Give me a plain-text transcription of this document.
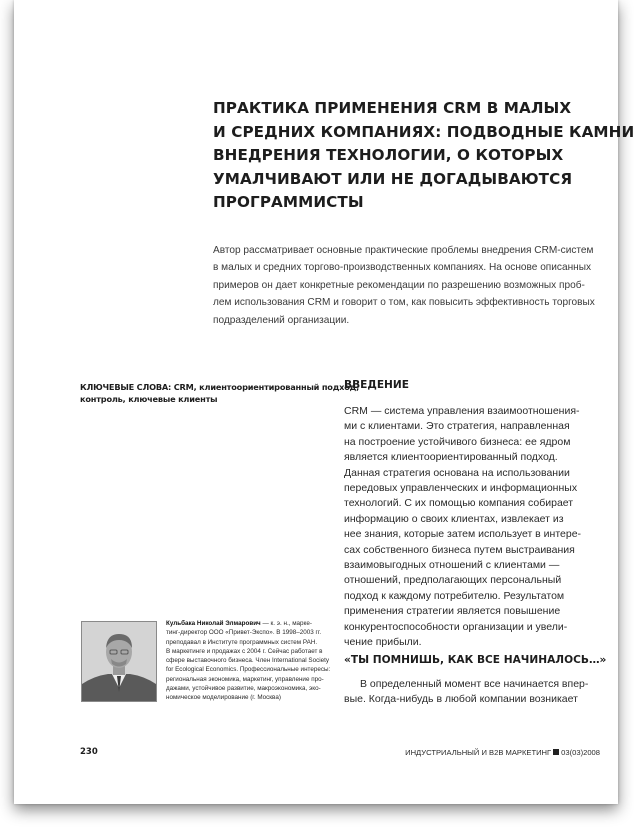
ПРАКТИКА ПРИМЕНЕНИЯ CRM В МАЛЫХ
И СРЕДНИХ КОМПАНИЯХ: ПОДВОДНЫЕ КАМНИ
ВНЕДРЕНИЯ ТЕХНОЛОГИИ, О КОТОРЫХ
УМАЛЧИВАЮТ ИЛИ НЕ ДОГАДЫВАЮТСЯ
ПРОГРАММИСТЫ
Автор рассматривает основные практические проблемы внедрения CRM-систем
в малых и средних торгово-производственных компаниях. На основе описанных
примеров он дает конкретные рекомендации по разрешению возможных проб-
лем использования CRM и говорит о том, как повысить эффективность торговых
подразделений организации.
КЛЮЧЕВЫЕ СЛОВА: CRM, клиентоориентированный подход,
контроль, ключевые клиенты
ВВЕДЕНИЕ
CRM — система управления взаимоотношения-
ми с клиентами. Это стратегия, направленная
на построение устойчивого бизнеса: ее ядром
является клиентоориентированный подход.
Данная стратегия основана на использовании
передовых управленческих и информационных
технологий. С их помощью компания собирает
информацию о своих клиентах, извлекает из
нее знания, которые затем использует в интере-
сах собственного бизнеса путем выстраивания
взаимовыгодных отношений с клиентами —
отношений, предполагающих персональный
подход к каждому потребителю. Результатом
применения стратегии является повышение
конкурентоспособности организации и увели-
чение прибыли.
«ТЫ ПОМНИШЬ, КАК ВСЕ НАЧИНАЛОСЬ…»
В определенный момент все начинается впер-
вые. Когда-нибудь в любой компании возникает
Кульбака Николай Элмарович — к. э. н., марке-
тинг-директор ООО «Привет-Экспо». В 1998–2003 гг.
преподавал в Институте программных систем РАН.
В маркетинге и продажах с 2004 г. Сейчас работает в
сфере выставочного бизнеса. Член International Society
for Ecological Economics. Профессиональные интересы:
региональная экономика, маркетинг, управление про-
дажами, устойчивое развитие, макроэкономика, эко-
номическое моделирование (г. Москва)
230	ИНДУСТРИАЛЬНЫЙ И B2B МАРКЕТИНГ 03(03)2008
